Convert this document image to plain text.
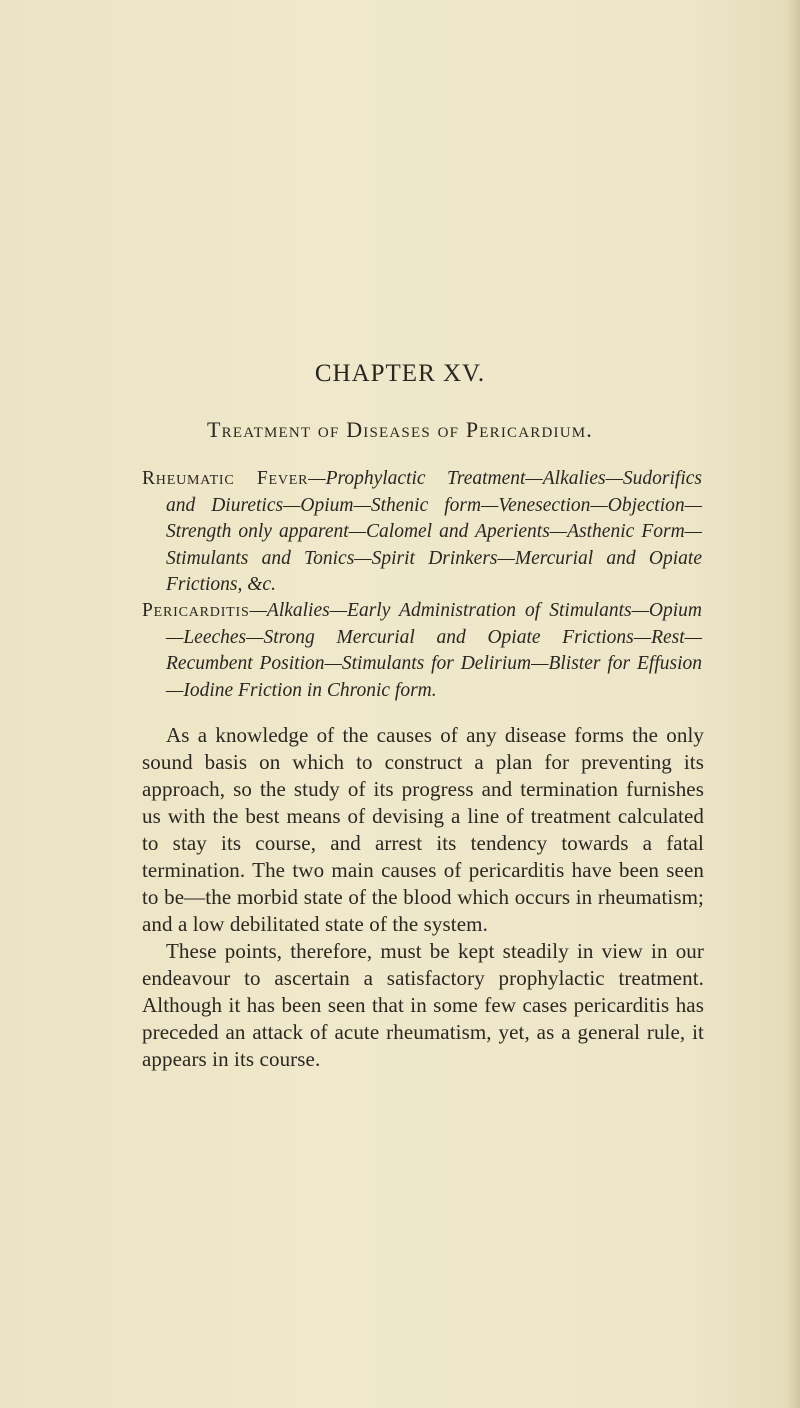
CHAPTER XV.
Treatment of Diseases of Pericardium.

Rheumatic Fever—Prophylactic Treatment—Alkalies—Sudorifics and Diuretics—Opium—Sthenic form—Venesection—Objection—Strength only apparent—Calomel and Aperients—Asthenic Form—Stimulants and Tonics—Spirit Drinkers—Mercurial and Opiate Frictions, &c.

Pericarditis—Alkalies—Early Administration of Stimulants—Opium—Leeches—Strong Mercurial and Opiate Frictions—Rest—Recumbent Position—Stimulants for Delirium—Blister for Effusion—Iodine Friction in Chronic form.

As a knowledge of the causes of any disease forms the only sound basis on which to construct a plan for preventing its approach, so the study of its progress and termination furnishes us with the best means of devising a line of treatment calculated to stay its course, and arrest its tendency towards a fatal termination. The two main causes of pericarditis have been seen to be—the morbid state of the blood which occurs in rheumatism; and a low debilitated state of the system.

These points, therefore, must be kept steadily in view in our endeavour to ascertain a satisfactory prophylactic treatment. Although it has been seen that in some few cases pericarditis has preceded an attack of acute rheumatism, yet, as a general rule, it appears in its course.
